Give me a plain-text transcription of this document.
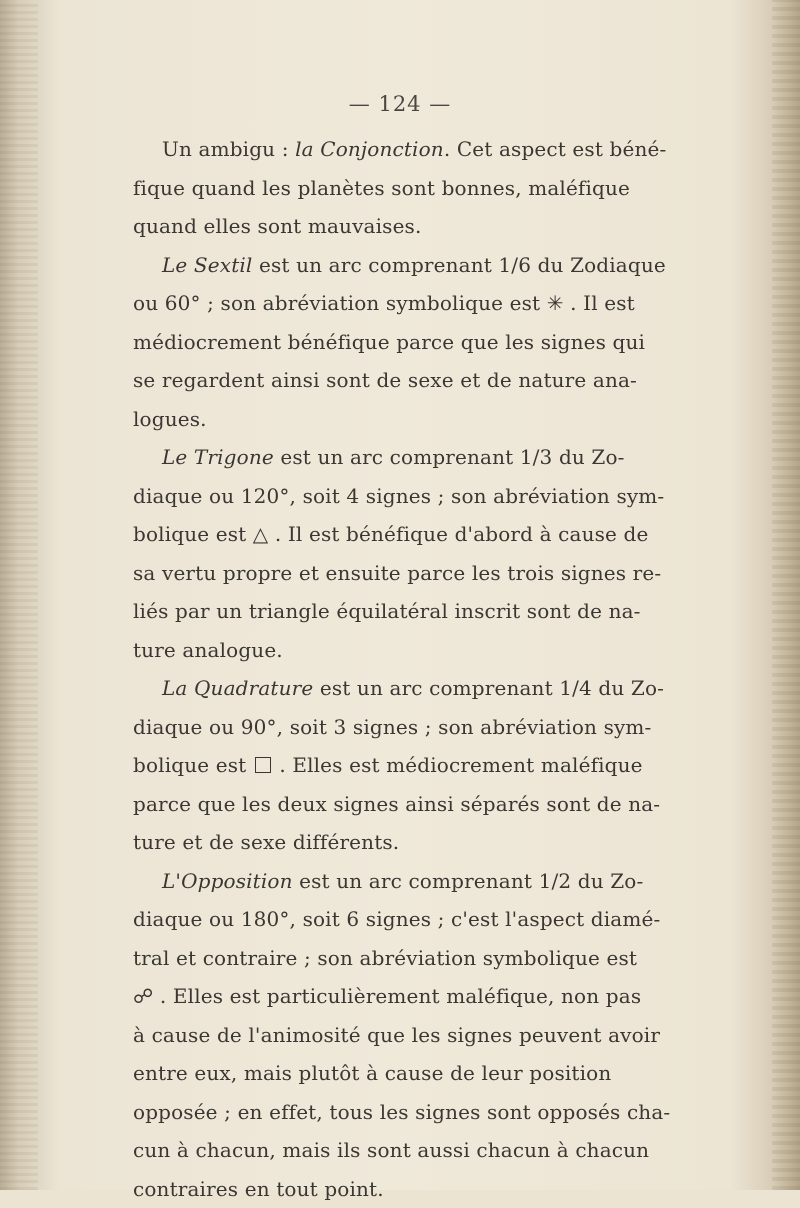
— 124 —
Un ambigu : la Conjonction. Cet aspect est béné-
fique quand les planètes sont bonnes, maléfique
quand elles sont mauvaises.
Le Sextil est un arc comprenant 1/6 du Zodiaque
ou 60° ; son abréviation symbolique est ✳ . Il est
médiocrement bénéfique parce que les signes qui
se regardent ainsi sont de sexe et de nature ana-
logues.
Le Trigone est un arc comprenant 1/3 du Zo-
diaque ou 120°, soit 4 signes ; son abréviation sym-
bolique est △ . Il est bénéfique d'abord à cause de
sa vertu propre et ensuite parce les trois signes re-
liés par un triangle équilatéral inscrit sont de na-
ture analogue.
La Quadrature est un arc comprenant 1/4 du Zo-
diaque ou 90°, soit 3 signes ; son abréviation sym-
bolique est  . Elles est médiocrement maléfique
parce que les deux signes ainsi séparés sont de na-
ture et de sexe différents.
L'Opposition est un arc comprenant 1/2 du Zo-
diaque ou 180°, soit 6 signes ; c'est l'aspect diamé-
tral et contraire ; son abréviation symbolique est
☍ . Elles est particulièrement maléfique, non pas
à cause de l'animosité que les signes peuvent avoir
entre eux, mais plutôt à cause de leur position
opposée ; en effet, tous les signes sont opposés cha-
cun à chacun, mais ils sont aussi chacun à chacun
contraires en tout point.
